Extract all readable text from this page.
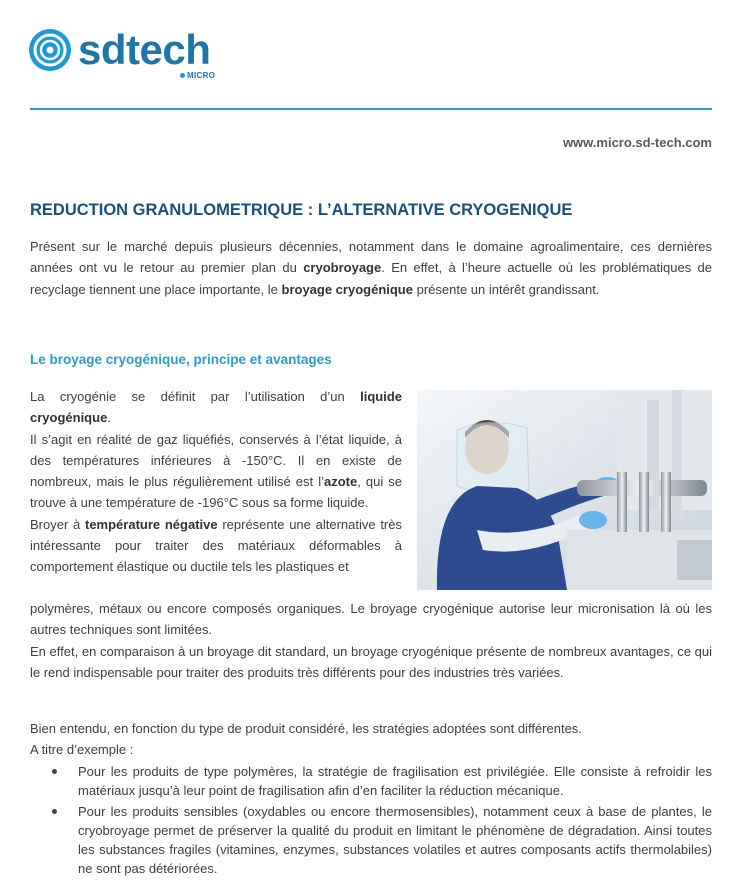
sdtech
MICRO
www.micro.sd-tech.com
REDUCTION GRANULOMETRIQUE : L’ALTERNATIVE CRYOGENIQUE

Présent sur le marché depuis plusieurs décennies, notamment dans le domaine agroalimentaire, ces dernières années ont vu le retour au premier plan du cryobroyage. En effet, à l’heure actuelle où les problématiques de recyclage tiennent une place importante, le broyage cryogénique présente un intérêt grandissant.

Le broyage cryogénique, principe et avantages

La cryogénie se définit par l’utilisation d’un liquide cryogénique.

Il s’agit en réalité de gaz liquéfiés, conservés à l’état liquide, à des températures inférieures à -150°C. Il en existe de nombreux, mais le plus régulièrement utilisé est l’azote, qui se trouve à une température de -196°C sous sa forme liquide.

Broyer à température négative représente une alternative très intéressante pour traiter des matériaux déformables à comportement élastique ou ductile tels les plastiques et

polymères, métaux ou encore composés organiques. Le broyage cryogénique autorise leur micronisation là où les autres techniques sont limitées.
En effet, en comparaison à un broyage dit standard, un broyage cryogénique présente de nombreux avantages, ce qui le rend indispensable pour traiter des produits très différents pour des industries très variées.

Bien entendu, en fonction du type de produit considéré, les stratégies adoptées sont différentes.
A titre d’exemple :

Pour les produits de type polymères, la stratégie de fragilisation est privilégiée. Elle consiste à refroidir les matériaux jusqu’à leur point de fragilisation afin d’en faciliter la réduction mécanique.
Pour les produits sensibles (oxydables ou encore thermosensibles), notamment ceux à base de plantes, le cryobroyage permet de préserver la qualité du produit en limitant le phénomène de dégradation. Ainsi toutes les substances fragiles (vitamines, enzymes, substances volatiles et autres composants actifs thermolabiles) ne sont pas détériorées.
